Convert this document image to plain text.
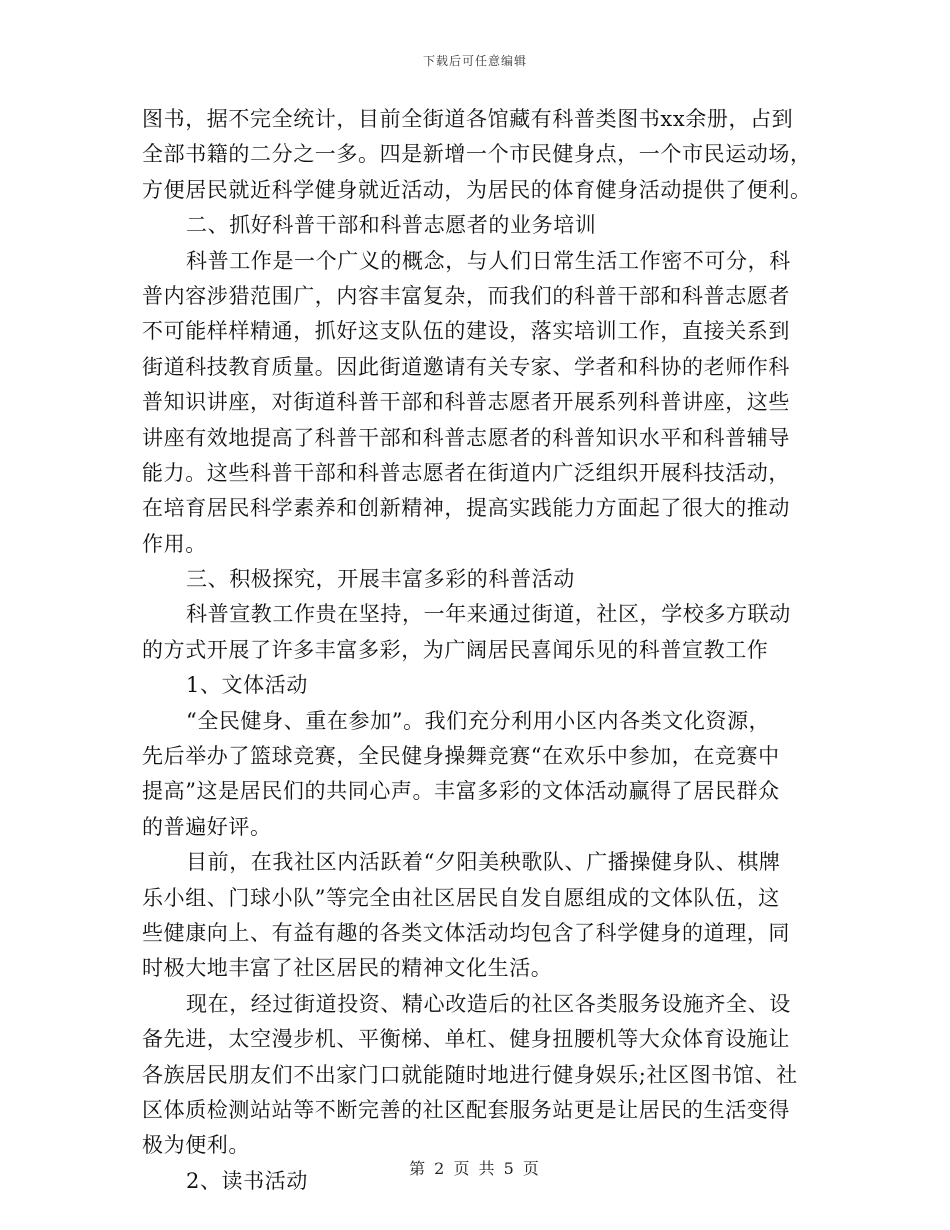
下载后可任意编辑
图书，据不完全统计，目前全街道各馆藏有科普类图书xx余册，占到
全部书籍的二分之一多。四是新增一个市民健身点，一个市民运动场，
方便居民就近科学健身就近活动，为居民的体育健身活动提供了便利。
二、抓好科普干部和科普志愿者的业务培训
科普工作是一个广义的概念，与人们日常生活工作密不可分，科
普内容涉猎范围广，内容丰富复杂，而我们的科普干部和科普志愿者
不可能样样精通，抓好这支队伍的建设，落实培训工作，直接关系到
街道科技教育质量。因此街道邀请有关专家、学者和科协的老师作科
普知识讲座，对街道科普干部和科普志愿者开展系列科普讲座，这些
讲座有效地提高了科普干部和科普志愿者的科普知识水平和科普辅导
能力。这些科普干部和科普志愿者在街道内广泛组织开展科技活动，
在培育居民科学素养和创新精神，提高实践能力方面起了很大的推动
作用。
三、积极探究，开展丰富多彩的科普活动
科普宣教工作贵在坚持，一年来通过街道，社区，学校多方联动
的方式开展了许多丰富多彩，为广阔居民喜闻乐见的科普宣教工作
1、文体活动
“全民健身、重在参加”。我们充分利用小区内各类文化资源，
先后举办了篮球竞赛，全民健身操舞竞赛“在欢乐中参加，在竞赛中
提高”这是居民们的共同心声。丰富多彩的文体活动赢得了居民群众
的普遍好评。
目前，在我社区内活跃着“夕阳美秧歌队、广播操健身队、棋牌
乐小组、门球小队”等完全由社区居民自发自愿组成的文体队伍，这
些健康向上、有益有趣的各类文体活动均包含了科学健身的道理，同
时极大地丰富了社区居民的精神文化生活。
现在，经过街道投资、精心改造后的社区各类服务设施齐全、设
备先进，太空漫步机、平衡梯、单杠、健身扭腰机等大众体育设施让
各族居民朋友们不出家门口就能随时地进行健身娱乐;社区图书馆、社
区体质检测站站等不断完善的社区配套服务站更是让居民的生活变得
极为便利。
2、读书活动
第 2 页 共 5 页
